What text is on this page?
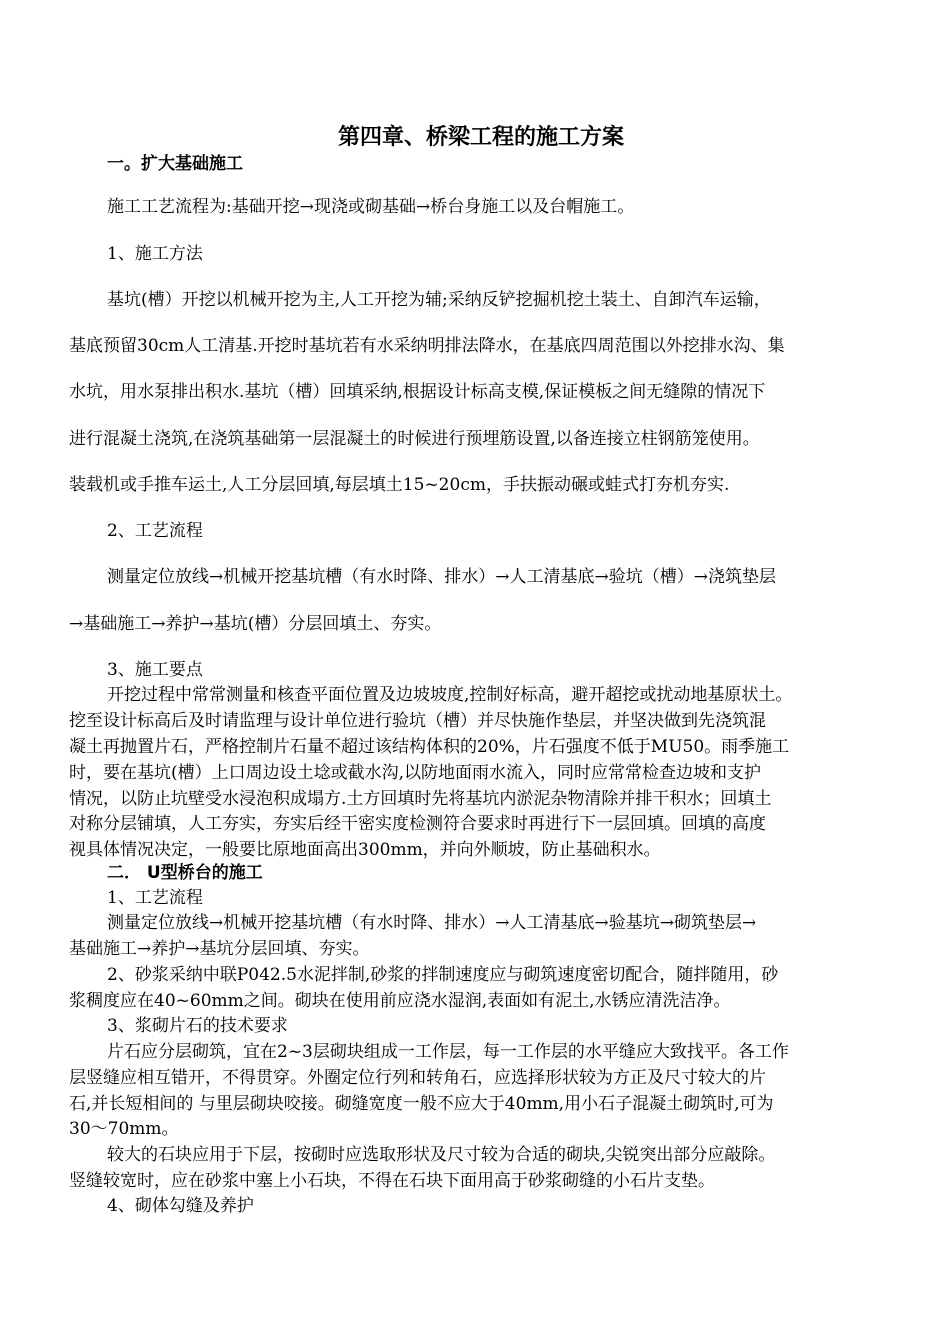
第四章、桥梁工程的施工方案

一。扩大基础施工

施工工艺流程为:基础开挖→现浇或砌基础→桥台身施工以及台帽施工。

1、施工方法

基坑(槽）开挖以机械开挖为主,人工开挖为辅;采纳反铲挖掘机挖土装土、自卸汽车运输，

基底预留30cm人工清基.开挖时基坑若有水采纳明排法降水，在基底四周范围以外挖排水沟、集

水坑，用水泵排出积水.基坑（槽）回填采纳,根据设计标高支模,保证模板之间无缝隙的情况下

进行混凝土浇筑,在浇筑基础第一层混凝土的时候进行预埋筋设置,以备连接立柱钢筋笼使用。

装载机或手推车运土,人工分层回填,每层填土15~20cm，手扶振动碾或蛙式打夯机夯实.

2、工艺流程

测量定位放线→机械开挖基坑槽（有水时降、排水）→人工清基底→验坑（槽）→浇筑垫层

→基础施工→养护→基坑(槽）分层回填土、夯实。

3、施工要点

开挖过程中常常测量和核查平面位置及边坡坡度,控制好标高，避开超挖或扰动地基原状土。

挖至设计标高后及时请监理与设计单位进行验坑（槽）并尽快施作垫层，并坚决做到先浇筑混

凝土再抛置片石，严格控制片石量不超过该结构体积的20%，片石强度不低于MU50。雨季施工

时，要在基坑(槽）上口周边设土埝或截水沟,以防地面雨水流入，同时应常常检查边坡和支护

情况，以防止坑壁受水浸泡积成塌方.土方回填时先将基坑内淤泥杂物清除并排干积水；回填土

对称分层铺填，人工夯实，夯实后经干密实度检测符合要求时再进行下一层回填。回填的高度

视具体情况决定，一般要比原地面高出300mm，并向外顺坡，防止基础积水。

二． U型桥台的施工

1、工艺流程

测量定位放线→机械开挖基坑槽（有水时降、排水）→人工清基底→验基坑→砌筑垫层→

基础施工→养护→基坑分层回填、夯实。

2、砂浆采纳中联P042.5水泥拌制,砂浆的拌制速度应与砌筑速度密切配合，随拌随用，砂

浆稠度应在40~60mm之间。砌块在使用前应浇水湿润,表面如有泥土,水锈应清洗洁净。

3、浆砌片石的技术要求

片石应分层砌筑，宜在2~3层砌块组成一工作层，每一工作层的水平缝应大致找平。各工作

层竖缝应相互错开，不得贯穿。外圈定位行列和转角石，应选择形状较为方正及尺寸较大的片

石,并长短相间的 与里层砌块咬接。砌缝宽度一般不应大于40mm,用小石子混凝土砌筑时,可为

30～70mm。

较大的石块应用于下层，按砌时应选取形状及尺寸较为合适的砌块,尖锐突出部分应敲除。

竖缝较宽时，应在砂浆中塞上小石块，不得在石块下面用高于砂浆砌缝的小石片支垫。

4、砌体勾缝及养护
